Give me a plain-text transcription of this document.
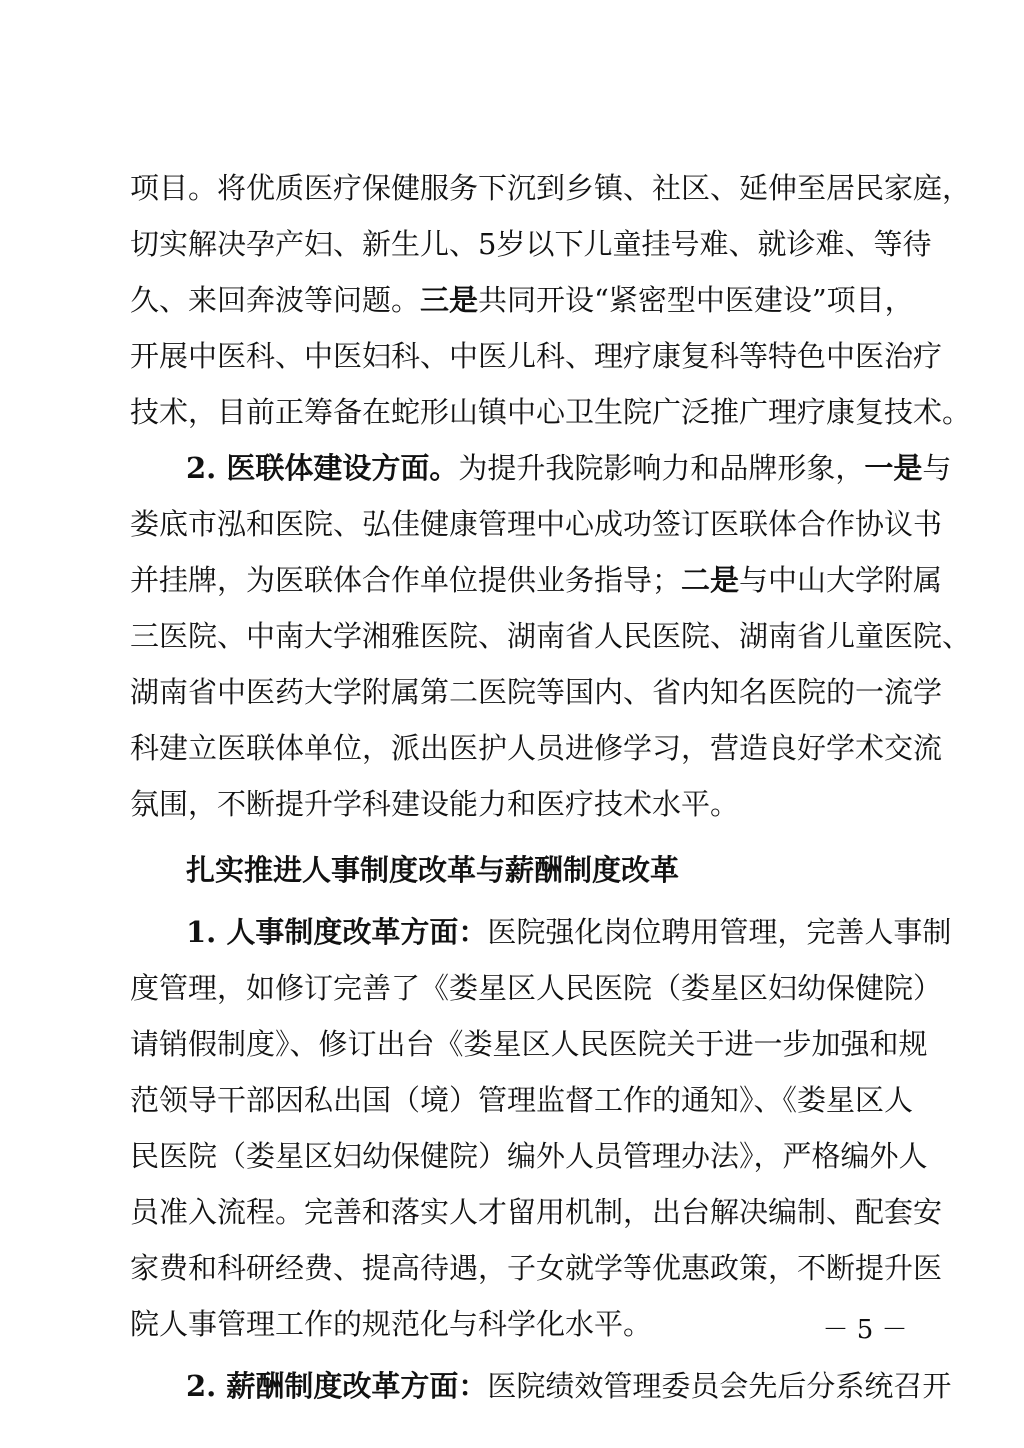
项目。将优质医疗保健服务下沉到乡镇、社区、延伸至居民家庭，
切实解决孕产妇、新生儿、5岁以下儿童挂号难、就诊难、等待
久、来回奔波等问题。三是共同开设“紧密型中医建设”项目，
开展中医科、中医妇科、中医儿科、理疗康复科等特色中医治疗
技术，目前正筹备在蛇形山镇中心卫生院广泛推广理疗康复技术。
2. 医联体建设方面。为提升我院影响力和品牌形象，一是与
娄底市泓和医院、弘佳健康管理中心成功签订医联体合作协议书
并挂牌，为医联体合作单位提供业务指导；二是与中山大学附属
三医院、中南大学湘雅医院、湖南省人民医院、湖南省儿童医院、
湖南省中医药大学附属第二医院等国内、省内知名医院的一流学
科建立医联体单位，派出医护人员进修学习，营造良好学术交流
氛围，不断提升学科建设能力和医疗技术水平。
扎实推进人事制度改革与薪酬制度改革
1. 人事制度改革方面：医院强化岗位聘用管理，完善人事制
度管理，如修订完善了《娄星区人民医院（娄星区妇幼保健院）
请销假制度》、修订出台《娄星区人民医院关于进一步加强和规
范领导干部因私出国（境）管理监督工作的通知》、《娄星区人
民医院（娄星区妇幼保健院）编外人员管理办法》，严格编外人
员准入流程。完善和落实人才留用机制，出台解决编制、配套安
家费和科研经费、提高待遇，子女就学等优惠政策，不断提升医
院人事管理工作的规范化与科学化水平。
2. 薪酬制度改革方面：医院绩效管理委员会先后分系统召开
－ 5 －
